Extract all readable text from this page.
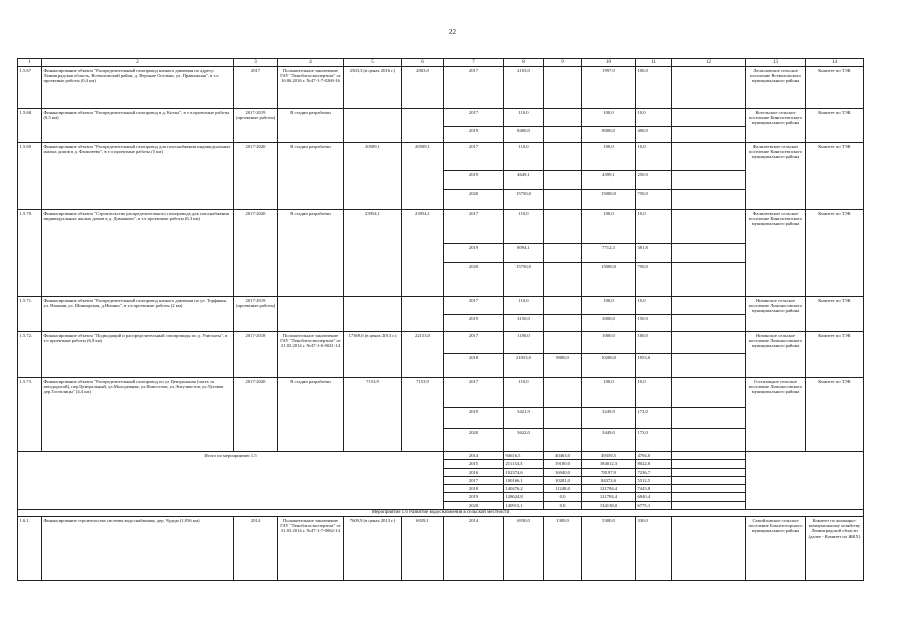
22
1	2	3	4	5	6	7	8	9	10	11	12	13	14
1.5.67	Финансирование объекта "Распределительный газопровод низкого давления по адресу: Ленинградская область, Всеволожский район, д. Верхние Осельки, ул. Правильная", в т.ч проектные работы (0,4 км)	2017	Положительное заключение ГАУ "Леноблгосэкспертиза" от 16.06.2016 г. №47-1-7-0260-16	2503,3 (в ценах 2016 г.)	2003,0	2017	2103,0		1997,0	106,0		Лесколовское сельское поселение Всеволожского муниципального района	Комитет по ТЭК
1.5.68.	Финансирование объекта "Распределительный газопровод в д. Котлы", в т.ч.проектные работы (8,5 км)	2017-2019 (проектные работы)	В стадии разработки			2017	110,0		100,0	10,0		Котельское сельское поселение Кингисеппского муниципального района	Комитет по ТЭК
						2019	8400,0		8000,0	400,0			
1.5.69	Финансирование объекта "Распределительный газопровод для газоснабжения индивидуальных жилых домов в д. Фалилеево", в т.ч проектные работы (5 км)	2017-2020	В стадии разработки	20509,1	20509,1	2017	110,0		100,0	10,0		Фалилеевское сельское поселение Кингисеппского муниципального района	Комитет по ТЭК
						2019	4649,1		4399,1	250,0			
						2020	15750,0		15000,0	750,0			
1.5.70.	Финансирование объекта "Строительство распределительного газопровода для газоснабжения индивидуальных жилых домов в д. Домашово", в т.ч проектные работы (6,3 км)	2017-2020	В стадии разработки	23954,1	23954,1	2017	110,0		100,0	10,0		Фалилеевское сельское поселение Кингисеппского муниципального района	Комитет по ТЭК
						2019	8094,1		7712,3	381,8			
						2020	15750,0		15000,0	750,0			
1.5.71.	Финансирование объекта "Распределительный газопровод низкого давления по ул. Торфяная, ул. Нижняя, ул. Шинкарская, д.Низино", в т.ч.проектные работы (2 км)	2017-2019 (проектные работы)				2017	110,0		100,0	10,0		Низинское сельское поселение Ломоносовского муниципального района	Комитет по ТЭК
						2019	3150,0		3000,0	150,0			
1.5.72.	Финансирование объекта "Подводящий и распределительный газопроводы по д. Узигонты", в т.ч проектные работы (6,9 км)	2017-2018	Положительное заключение ГАУ "Леноблгосэкспертиза" от 21.02.2014 г. №47-1-6-0041-14	17369,6 (в ценах 2013 г.)	22153,0	2017	1100,0		1000,0	100,0		Низинское сельское поселение Ломоносовского муниципального района	Комитет по ТЭК
						2018	21053,0	9800,0	10200,0	1053,0			
1.5.73.	Финансирование объекта "Распределительный газопровод по ул Центральная (часть за автодорогой), пер.Центральный, ул.Молодежная, ул.Новоселов, ул.Энтузиастов, ул.Луговая дер.Гостилицы" (4,4 км)	2017-2020	В стадии разработки	7153,9	7153,9	2017	110,0		100,0	10,0		Гостилицкое сельское поселение Ломоносовского муниципального района	Комитет по ТЭК
						2019	3421,9		3249,9	172,0			
						2020	3622,0		3449,0	173,0			
Итого по мероприятию 1.5						2014	94616,5	40463,0	49359,5	4794,0			
						2015	211134,3	19100,0	184012,3	8022,0			
						2016	102374,6	16940,0	78197,9	7236,7			
						2017	100166,1	10281,0	84372,6	5512,5			
						2018	140476,2	11248,0	121784,4	7443,8			
						2019	128624,8	0,0	121784,4	6840,4			
						2020	140913,1	0,0	134138,0	6775,1			
Мероприятие 1.6 Развитие водоснабжения в сельской местности													
1.6.1.	Финансирование строительства системы водоснабжения, дер. Чудцы (1,956 км)	2014	Положительное заключение ГАУ "Леноблгосэкспертиза" от 31.03.2014 г. №47-1-7-0062-14	7609,9 (в ценах 2013 г.)	6929,1	2014	6930,0	1300,0	5300,0	330,0		Самойловское сельское поселение Бокситогорского муниципального района	Комитет по жилищно-коммунальному хозяйству Ленинградской области (далее - Комитет по ЖКХ)
